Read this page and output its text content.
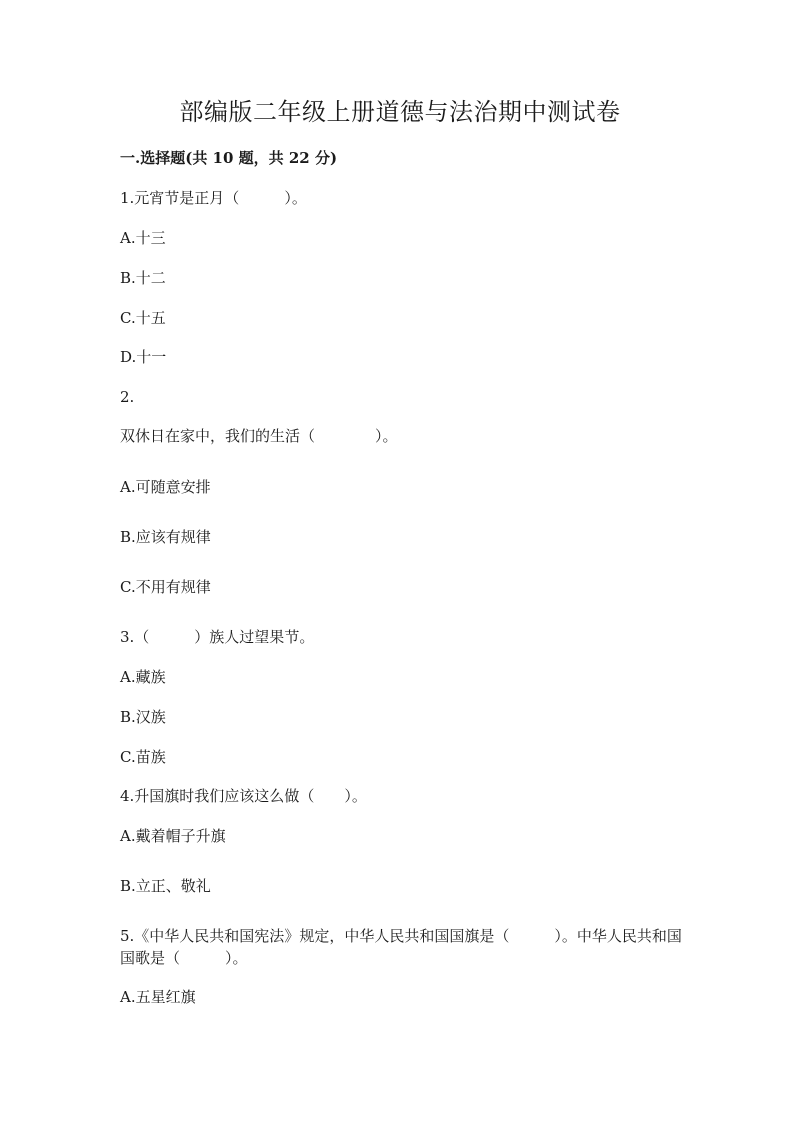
部编版二年级上册道德与法治期中测试卷
一.选择题(共 10 题，共 22 分)
1.元宵节是正月（　　　）。
A.十三
B.十二
C.十五
D.十一
2.
双休日在家中，我们的生活（　　　　）。
A.可随意安排
B.应该有规律
C.不用有规律
3.（　　　）族人过望果节。
A.藏族
B.汉族
C.苗族
4.升国旗时我们应该这么做（　　）。
A.戴着帽子升旗
B.立正、敬礼
5.《中华人民共和国宪法》规定，中华人民共和国国旗是（　　　）。中华人民共和国国歌是（　　　）。
A.五星红旗
